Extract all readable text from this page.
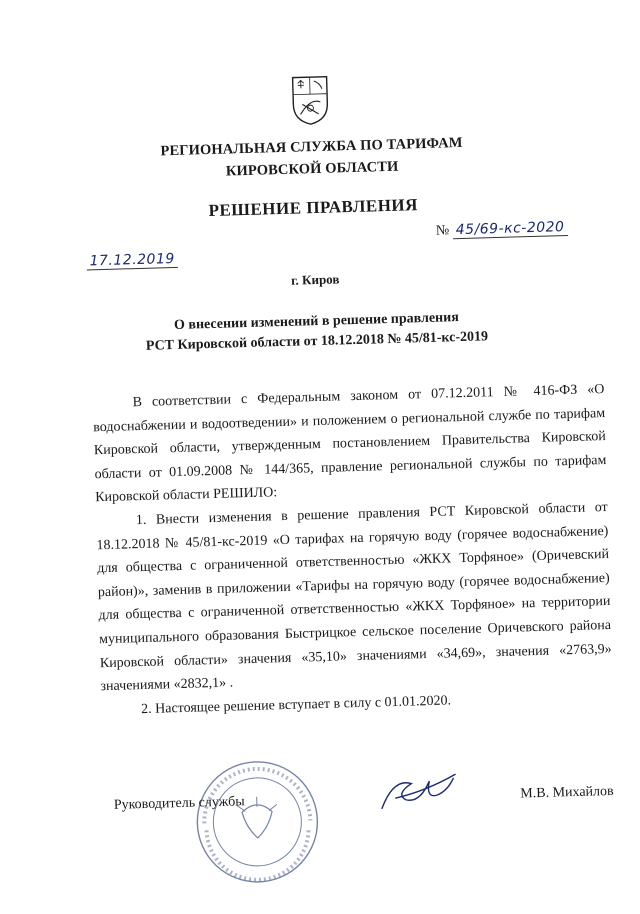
РЕГИОНАЛЬНАЯ СЛУЖБА ПО ТАРИФАМ
КИРОВСКОЙ ОБЛАСТИ
РЕШЕНИЕ ПРАВЛЕНИЯ
№ 45/69-кс-2020
17.12.2019
г. Киров
О внесении изменений в решение правления
РСТ Кировской области от 18.12.2018 № 45/81-кс-2019

В соответствии с Федеральным законом от 07.12.2011 № 416-ФЗ «О водоснабжении и водоотведении» и положением о региональной службе по тарифам Кировской области, утвержденным постановлением Правительства Кировской области от 01.09.2008 № 144/365, правление региональной службы по тарифам Кировской области РЕШИЛО:

1. Внести изменения в решение правления РСТ Кировской области от 18.12.2018 № 45/81-кс-2019 «О тарифах на горячую воду (горячее водоснабжение) для общества с ограниченной ответственностью «ЖКХ Торфяное» (Оричевский район)», заменив в приложении «Тарифы на горячую воду (горячее водоснабжение) для общества с ограниченной ответственностью «ЖКХ Торфяное» на территории муниципального образования Быстрицкое сельское поселение Оричевского района Кировской области» значения «35,10» значениями «34,69», значения «2763,9» значениями «2832,1» .

2. Настоящее решение вступает в силу с 01.01.2020.

Руководитель службы
М.В. Михайлов
